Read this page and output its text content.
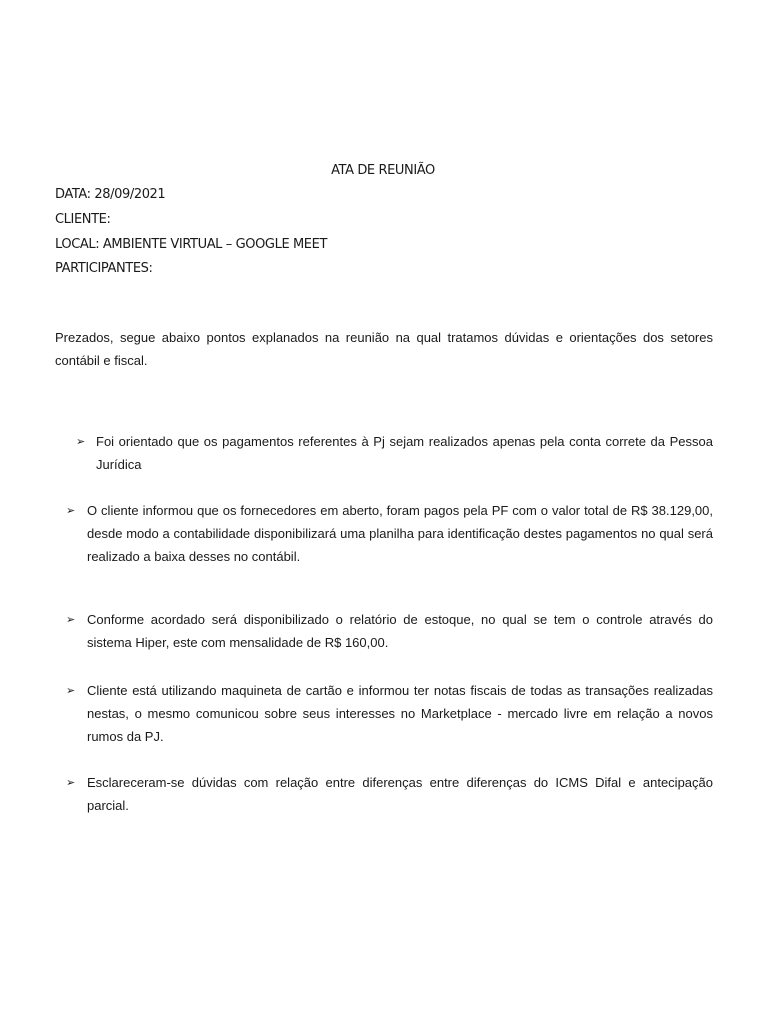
ATA DE REUNIÃO
DATA: 28/09/2021
CLIENTE:
LOCAL: AMBIENTE VIRTUAL – GOOGLE MEET
PARTICIPANTES:
Prezados, segue abaixo pontos explanados na reunião na qual tratamos dúvidas e orientações dos setores contábil e fiscal.
➢ Foi orientado que os pagamentos referentes à Pj sejam realizados apenas pela conta correte da Pessoa Jurídica
➢ O cliente informou que os fornecedores em aberto, foram pagos pela PF com o valor total de R$ 38.129,00, desde modo a contabilidade disponibilizará uma planilha para identificação destes pagamentos no qual será realizado a baixa desses no contábil.
➢ Conforme acordado será disponibilizado o relatório de estoque, no qual se tem o controle através do sistema Hiper, este com mensalidade de R$ 160,00.
➢ Cliente está utilizando maquineta de cartão e informou ter notas fiscais de todas as transações realizadas nestas, o mesmo comunicou sobre seus interesses no Marketplace - mercado livre em relação a novos rumos da PJ.
➢ Esclareceram-se dúvidas com relação entre diferenças entre diferenças do ICMS Difal e antecipação parcial.
